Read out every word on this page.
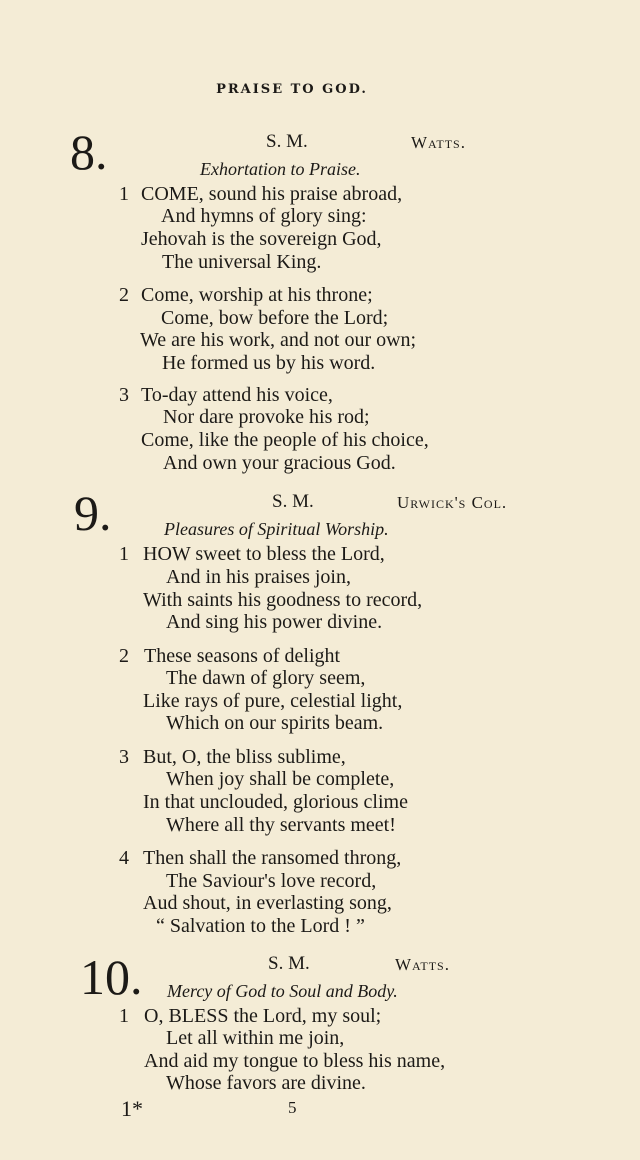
PRAISE TO GOD.
8.	S. M.	Watts.
Exhortation to Praise.
1 COME, sound his praise abroad,
And hymns of glory sing:
Jehovah is the sovereign God,
The universal King.
2 Come, worship at his throne;
Come, bow before the Lord;
We are his work, and not our own;
He formed us by his word.
3 To-day attend his voice,
Nor dare provoke his rod;
Come, like the people of his choice,
And own your gracious God.
9.	S. M.	Urwick's Col.
Pleasures of Spiritual Worship.
1 HOW sweet to bless the Lord,
And in his praises join,
With saints his goodness to record,
And sing his power divine.
2 These seasons of delight
The dawn of glory seem,
Like rays of pure, celestial light,
Which on our spirits beam.
3 But, O, the bliss sublime,
When joy shall be complete,
In that unclouded, glorious clime
Where all thy servants meet!
4 Then shall the ransomed throng,
The Saviour's love record,
Aud shout, in everlasting song,
“ Salvation to the Lord ! ”
10.	S. M.	Watts.
Mercy of God to Soul and Body.
1 O, BLESS the Lord, my soul;
Let all within me join,
And aid my tongue to bless his name,
Whose favors are divine.
1*	5
